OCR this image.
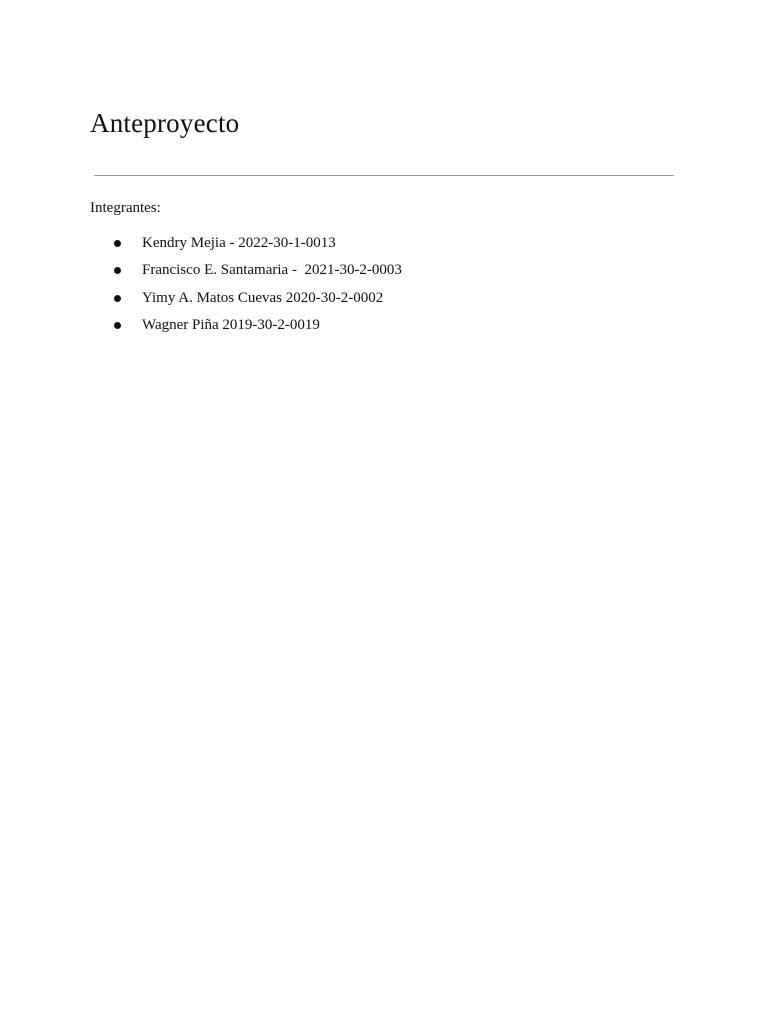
Anteproyecto

Integrantes:

Kendry Mejia - 2022-30-1-0013
Francisco E. Santamaria -  2021-30-2-0003
Yimy A. Matos Cuevas 2020-30-2-0002
Wagner Piña 2019-30-2-0019
